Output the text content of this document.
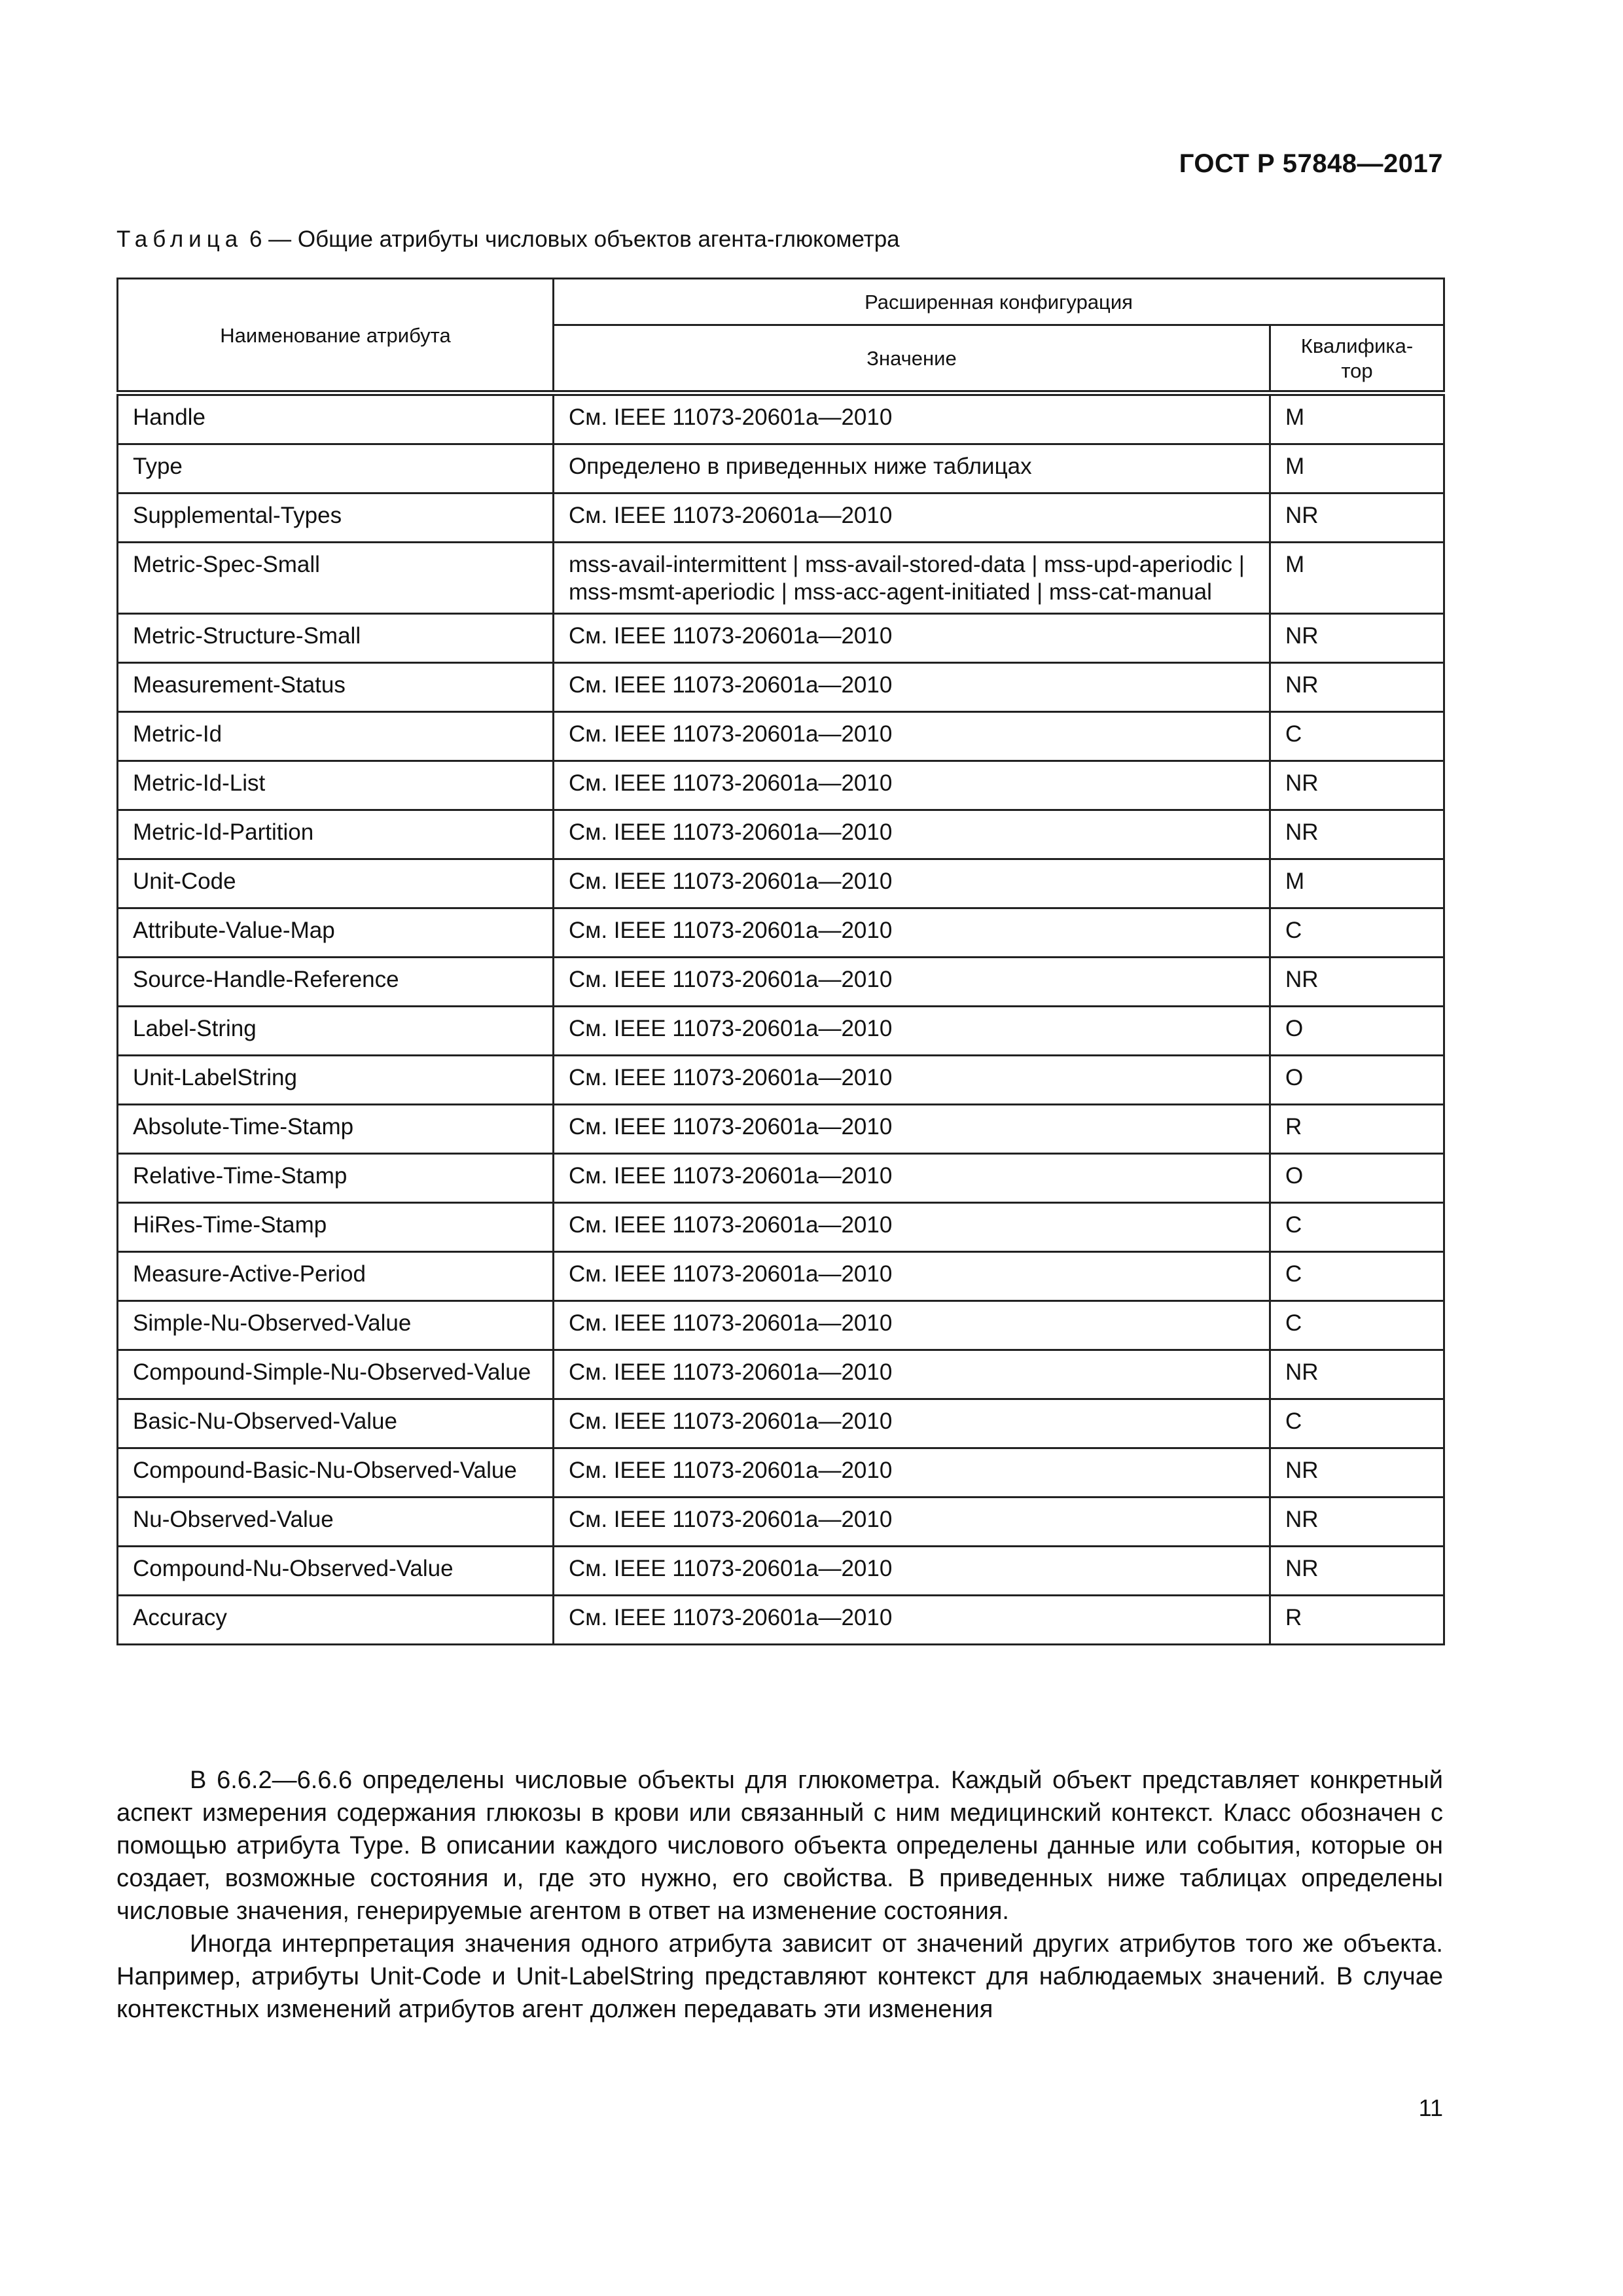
ГОСТ Р 57848—2017
Таблица 6 — Общие атрибуты числовых объектов агента-глюкометра
Наименование атрибута	Расширенная конфигурация	
	Значение	Квалифика-тор
Handle	См. IEEE 11073-20601a—2010	M
Type	Определено в приведенных ниже таблицах	M
Supplemental-Types	См. IEEE 11073-20601a—2010	NR
Metric-Spec-Small	mss-avail-intermittent | mss-avail-stored-data | mss-upd-aperiodic | mss-msmt-aperiodic | mss-acc-agent-initiated | mss-cat-manual	M
Metric-Structure-Small	См. IEEE 11073-20601a—2010	NR
Measurement-Status	См. IEEE 11073-20601a—2010	NR
Metric-Id	См. IEEE 11073-20601a—2010	C
Metric-Id-List	См. IEEE 11073-20601a—2010	NR
Metric-Id-Partition	См. IEEE 11073-20601a—2010	NR
Unit-Code	См. IEEE 11073-20601a—2010	M
Attribute-Value-Map	См. IEEE 11073-20601a—2010	C
Source-Handle-Reference	См. IEEE 11073-20601a—2010	NR
Label-String	См. IEEE 11073-20601a—2010	O
Unit-LabelString	См. IEEE 11073-20601a—2010	O
Absolute-Time-Stamp	См. IEEE 11073-20601a—2010	R
Relative-Time-Stamp	См. IEEE 11073-20601a—2010	O
HiRes-Time-Stamp	См. IEEE 11073-20601a—2010	C
Measure-Active-Period	См. IEEE 11073-20601a—2010	C
Simple-Nu-Observed-Value	См. IEEE 11073-20601a—2010	C
Compound-Simple-Nu-Observed-Value	См. IEEE 11073-20601a—2010	NR
Basic-Nu-Observed-Value	См. IEEE 11073-20601a—2010	C
Compound-Basic-Nu-Observed-Value	См. IEEE 11073-20601a—2010	NR
Nu-Observed-Value	См. IEEE 11073-20601a—2010	NR
Compound-Nu-Observed-Value	См. IEEE 11073-20601a—2010	NR
Accuracy	См. IEEE 11073-20601a—2010	R

В 6.6.2—6.6.6 определены числовые объекты для глюкометра. Каждый объект представляет конкретный аспект измерения содержания глюкозы в крови или связанный с ним медицинский контекст. Класс обозначен с помощью атрибута Type. В описании каждого числового объекта определены данные или события, которые он создает, возможные состояния и, где это нужно, его свойства. В приведенных ниже таблицах определены числовые значения, генерируемые агентом в ответ на изменение состояния.

Иногда интерпретация значения одного атрибута зависит от значений других атрибутов того же объекта. Например, атрибуты Unit-Code и Unit-LabelString представляют контекст для наблюдаемых значений. В случае контекстных изменений атрибутов агент должен передавать эти изменения

11
